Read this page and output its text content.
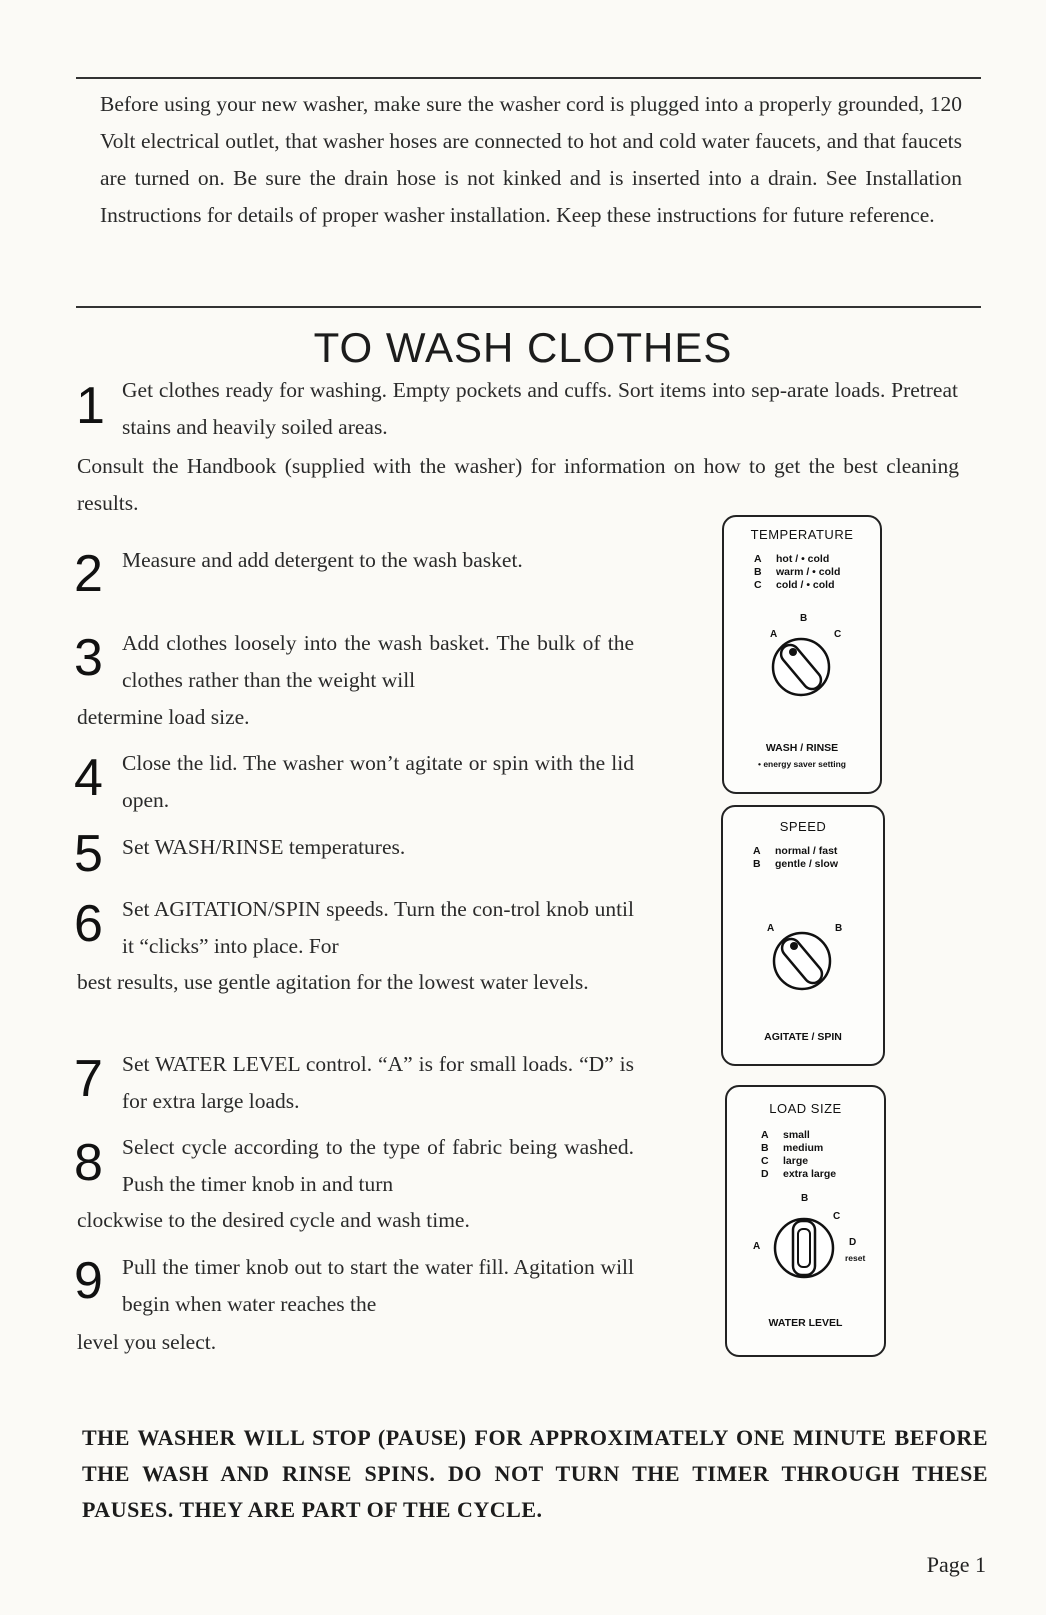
Before using your new washer, make sure the washer cord is plugged into a properly grounded, 120 Volt electrical outlet, that washer hoses are connected to hot and cold water faucets, and that faucets are turned on. Be sure the drain hose is not kinked and is inserted into a drain. See Installation Instructions for details of proper washer installation. Keep these instructions for future reference.
TO WASH CLOTHES
1 Get clothes ready for washing. Empty pockets and cuffs. Sort items into sep-arate loads. Pretreat stains and heavily soiled areas.
Consult the Handbook (supplied with the washer) for information on how to get the best cleaning results.
2 Measure and add detergent to the wash basket.
3 Add clothes loosely into the wash basket. The bulk of the clothes rather than the weight will
determine load size.
4 Close the lid. The washer won’t agitate or spin with the lid open.
5 Set WASH/RINSE temperatures.
6 Set AGITATION/SPIN speeds. Turn the con-trol knob until it “clicks” into place. For
best results, use gentle agitation for the lowest water levels.
7 Set WATER LEVEL control. “A” is for small loads. “D” is for extra large loads.
8 Select cycle according to the type of fabric being washed. Push the timer knob in and turn
clockwise to the desired cycle and wash time.
9 Pull the timer knob out to start the water fill. Agitation will begin when water reaches the
level you select.
TEMPERATURE
A hot / • cold
B warm / • cold
C cold / • cold
B
A	C
WASH / RINSE
• energy saver setting
SPEED
A normal / fast
B gentle / slow
A	B
AGITATE / SPIN
LOAD SIZE
A small
B medium
C large
D extra large
B
C
A	D
reset
WATER LEVEL
THE WASHER WILL STOP (PAUSE) FOR APPROXIMATELY ONE MINUTE BEFORE THE WASH AND RINSE SPINS. DO NOT TURN THE TIMER THROUGH THESE PAUSES. THEY ARE PART OF THE CYCLE.
Page 1
